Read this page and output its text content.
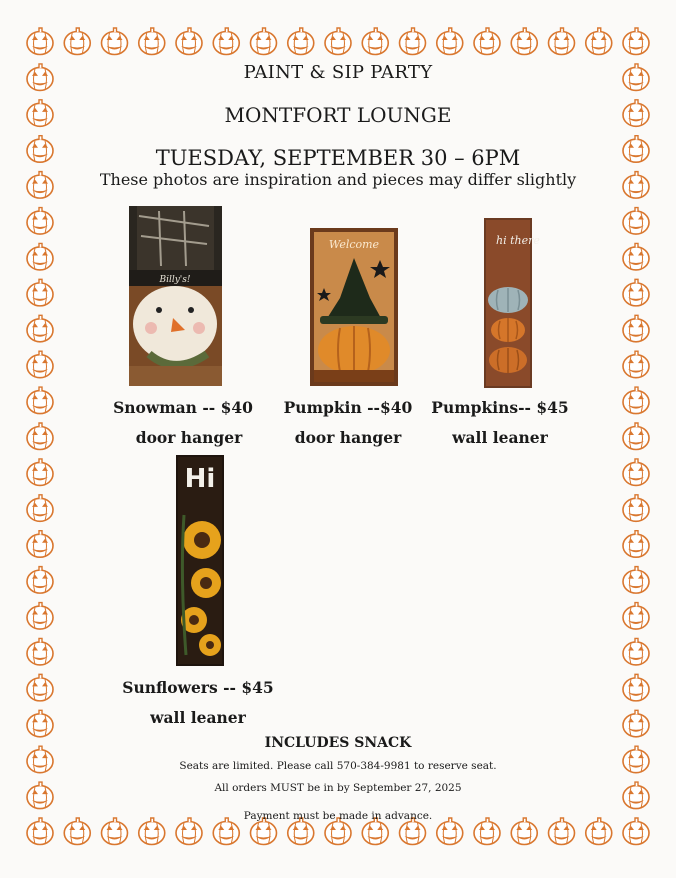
PAINT & SIP PARTY
MONTFORT LOUNGE
TUESDAY, SEPTEMBER 30 – 6PM
These photos are inspiration and pieces may differ slightly
Billy's!
Welcome	hi there
Hi
Snowman -- $40
door hanger
Pumpkin --$40
door hanger
Pumpkins-- $45
wall leaner
Sunflowers -- $45
wall leaner
INCLUDES SNACK
Seats are limited. Please call 570-384-9981 to reserve seat.
All orders MUST be in by September 27, 2025
Payment must be made in advance.
